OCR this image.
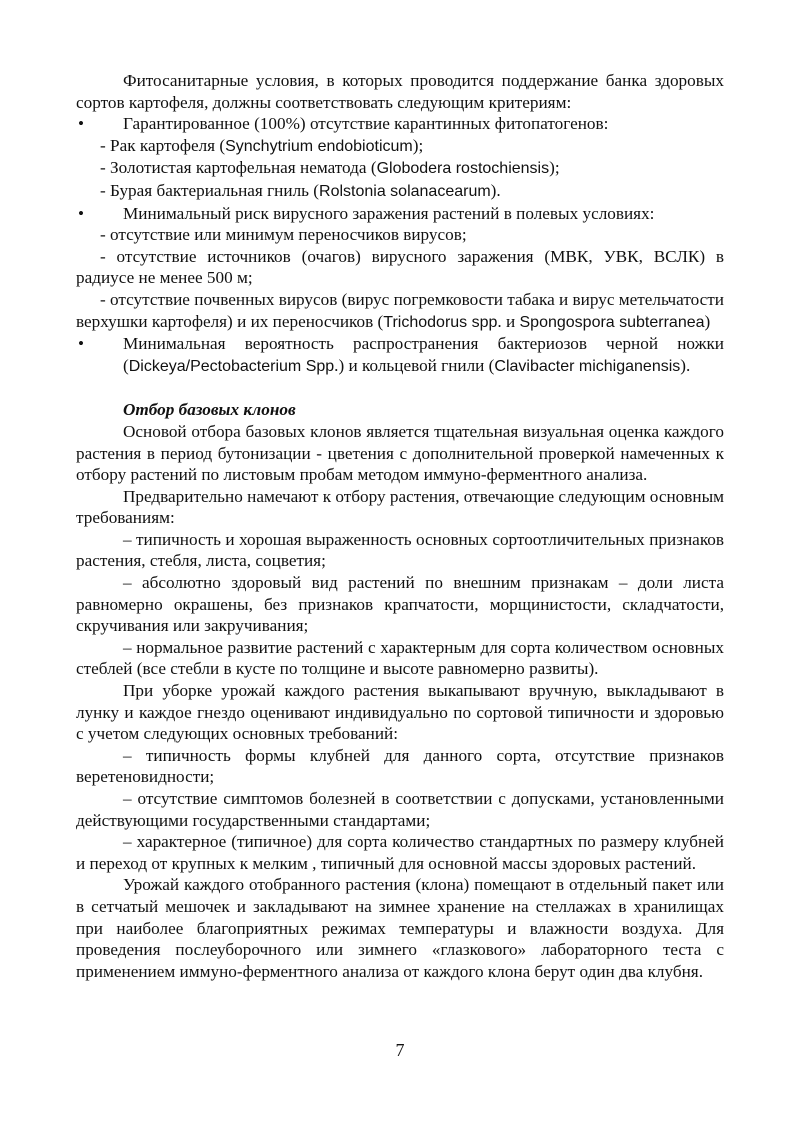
Фитосанитарные условия, в которых проводится поддержание банка здоровых сортов картофеля, должны соответствовать следующим критериям:

• Гарантированное (100%) отсутствие карантинных фитопатогенов:

- Рак картофеля (Synchytrium endobioticum);

- Золотистая картофельная нематода (Globodera rostochiensis);

- Бурая бактериальная гниль (Rolstonia solanacearum).

• Минимальный риск вирусного заражения растений в полевых условиях:

- отсутствие или минимум переносчиков вирусов;

- отсутствие источников (очагов) вирусного заражения (МВК, УВК, ВСЛК) в радиусе не менее 500 м;

- отсутствие почвенных вирусов (вирус погремковости табака и вирус метельчатости верхушки картофеля) и их переносчиков (Trichodorus spp. и Spongospora subterranea)

• Минимальная вероятность распространения бактериозов черной ножки (Dickeya/Pectobacterium Spp.) и кольцевой гнили (Clavibacter michiganensis).

Отбор базовых клонов

Основой отбора базовых клонов является тщательная визуальная оценка каждого растения в период бутонизации - цветения с дополнительной проверкой намеченных к отбору растений по листовым пробам методом иммуно-ферментного анализа.

Предварительно намечают к отбору растения, отвечающие следующим основным требованиям:

– типичность и хорошая выраженность основных сортоотличительных признаков растения, стебля, листа, соцветия;

– абсолютно здоровый вид растений по внешним признакам – доли листа равномерно окрашены, без признаков крапчатости, морщинистости, складчатости, скручивания или закручивания;

– нормальное развитие растений с характерным для сорта количеством основных стеблей (все стебли в кусте по толщине и высоте равномерно развиты).

При уборке урожай каждого растения выкапывают вручную, выкладывают в лунку и каждое гнездо оценивают индивидуально по сортовой типичности и здоровью с учетом следующих основных требований:

– типичность формы клубней для данного сорта, отсутствие признаков веретеновидности;

– отсутствие симптомов болезней в соответствии с допусками, установленными действующими государственными стандартами;

– характерное (типичное) для сорта количество стандартных по размеру клубней и переход от крупных к мелким , типичный для основной массы здоровых растений.

Урожай каждого отобранного растения (клона) помещают в отдельный пакет или в сетчатый мешочек и закладывают на зимнее хранение на стеллажах в хранилищах при наиболее благоприятных режимах температуры и влажности воздуха. Для проведения послеуборочного или зимнего «глазкового» лабораторного теста с применением иммуно-ферментного анализа от каждого клона берут один два клубня.

7
